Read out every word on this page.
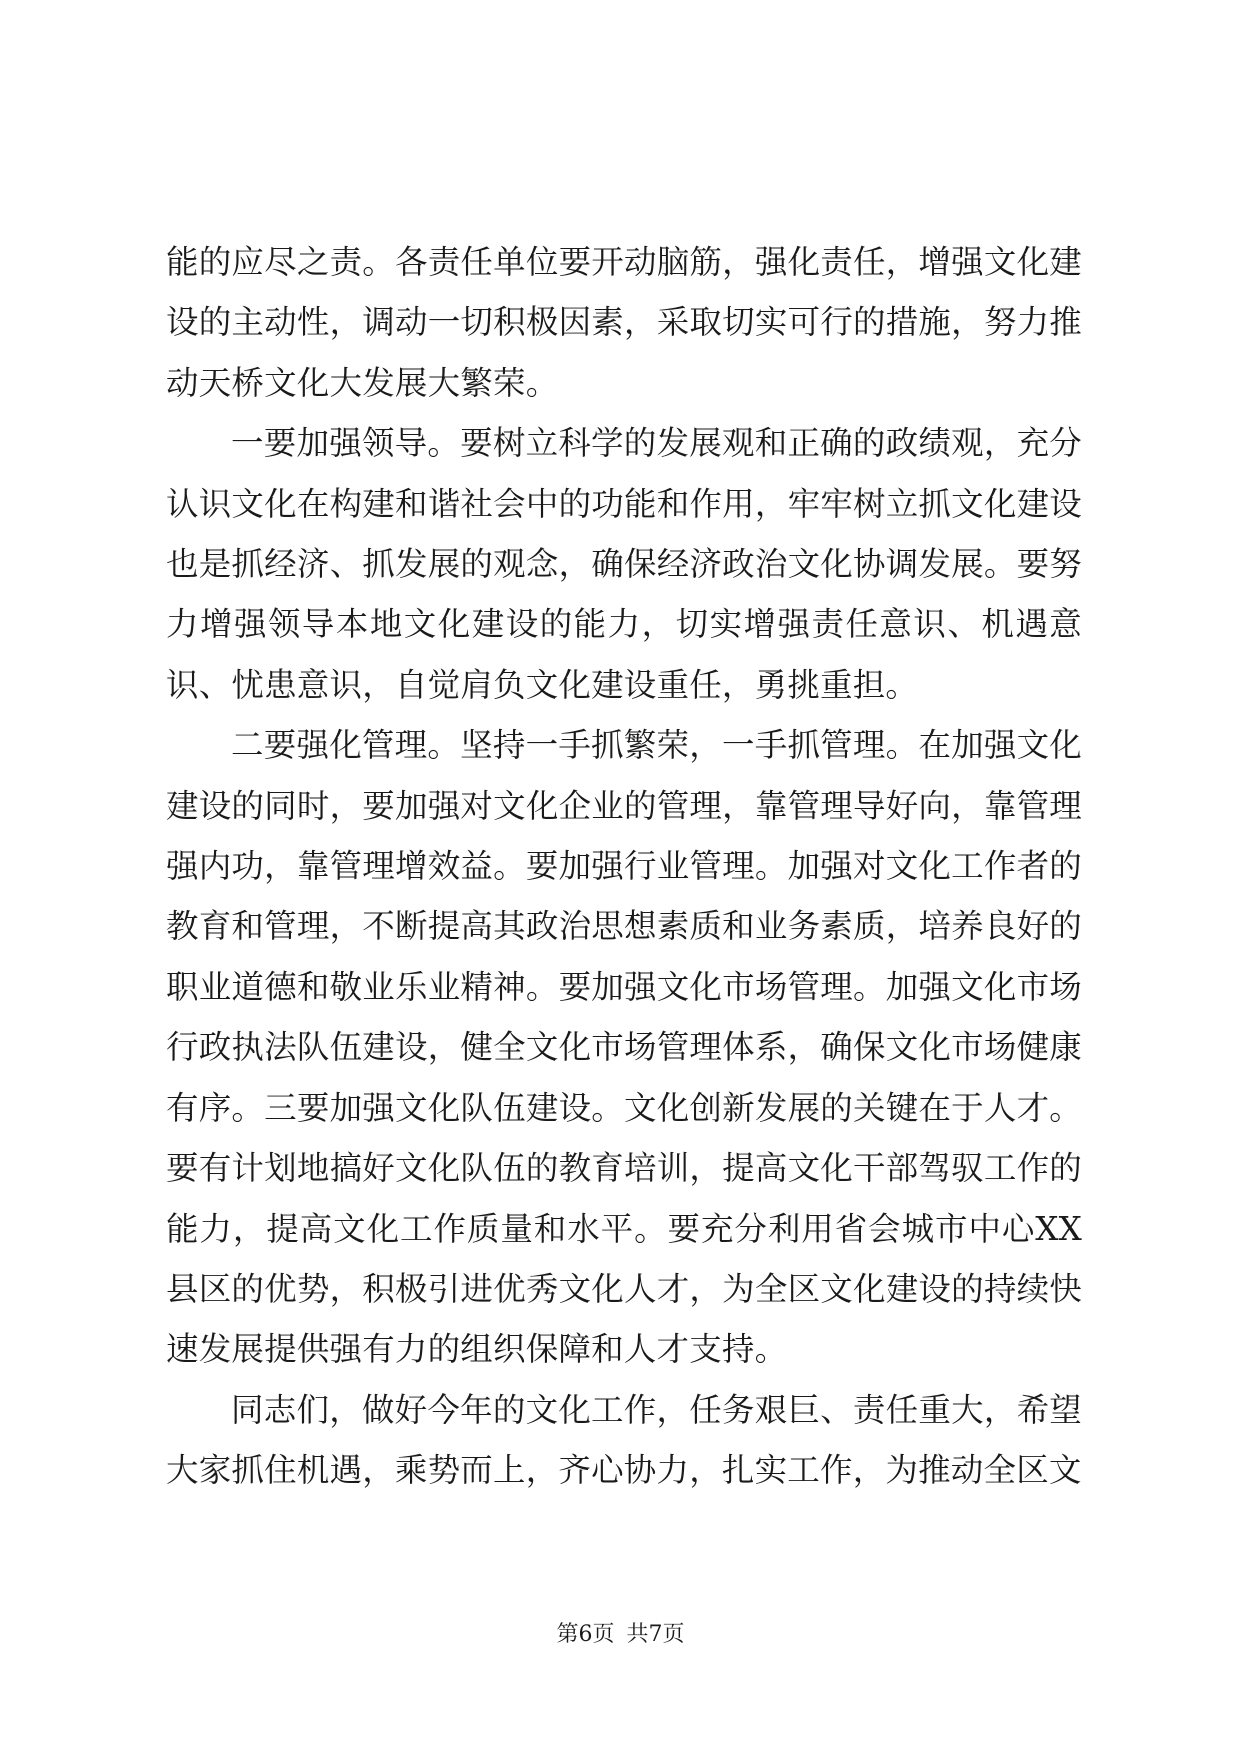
能的应尽之责。各责任单位要开动脑筋，强化责任，增强文化建设的主动性，调动一切积极因素，采取切实可行的措施，努力推动天桥文化大发展大繁荣。

一要加强领导。要树立科学的发展观和正确的政绩观，充分认识文化在构建和谐社会中的功能和作用，牢牢树立抓文化建设也是抓经济、抓发展的观念，确保经济政治文化协调发展。要努力增强领导本地文化建设的能力，切实增强责任意识、机遇意识、忧患意识，自觉肩负文化建设重任，勇挑重担。

二要强化管理。坚持一手抓繁荣，一手抓管理。在加强文化建设的同时，要加强对文化企业的管理，靠管理导好向，靠管理强内功，靠管理增效益。要加强行业管理。加强对文化工作者的教育和管理，不断提高其政治思想素质和业务素质，培养良好的职业道德和敬业乐业精神。要加强文化市场管理。加强文化市场行政执法队伍建设，健全文化市场管理体系，确保文化市场健康有序。三要加强文化队伍建设。文化创新发展的关键在于人才。要有计划地搞好文化队伍的教育培训，提高文化干部驾驭工作的能力，提高文化工作质量和水平。要充分利用省会城市中心XX县区的优势，积极引进优秀文化人才，为全区文化建设的持续快速发展提供强有力的组织保障和人才支持。

同志们，做好今年的文化工作，任务艰巨、责任重大，希望大家抓住机遇，乘势而上，齐心协力，扎实工作，为推动全区文

第6页 共7页
